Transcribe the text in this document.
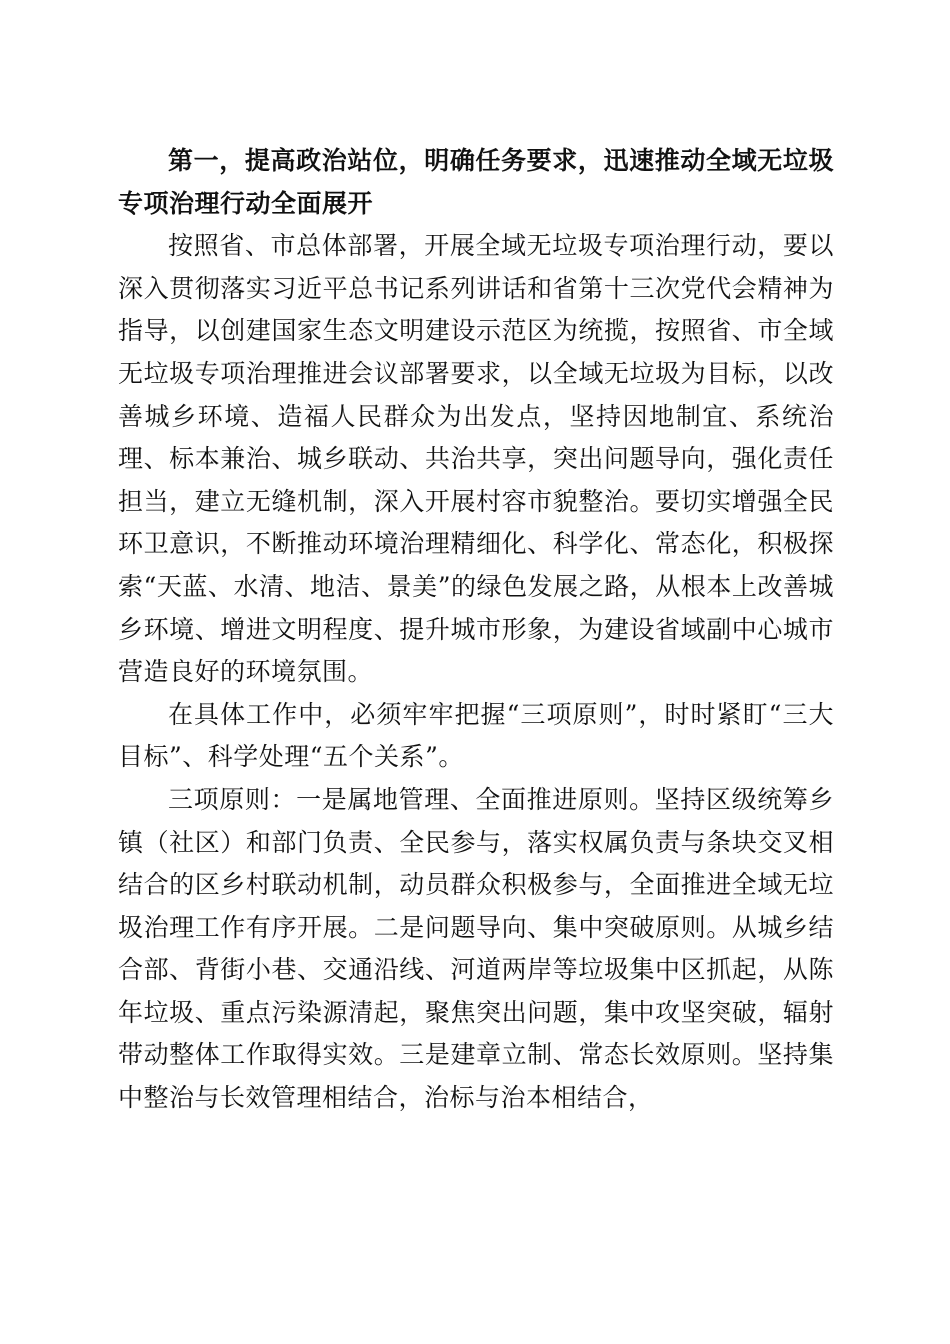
第一，提高政治站位，明确任务要求，迅速推动全域无垃圾专项治理行动全面展开

按照省、市总体部署，开展全域无垃圾专项治理行动，要以深入贯彻落实习近平总书记系列讲话和省第十三次党代会精神为指导，以创建国家生态文明建设示范区为统揽，按照省、市全域无垃圾专项治理推进会议部署要求，以全域无垃圾为目标，以改善城乡环境、造福人民群众为出发点，坚持因地制宜、系统治理、标本兼治、城乡联动、共治共享，突出问题导向，强化责任担当，建立无缝机制，深入开展村容市貌整治。要切实增强全民环卫意识，不断推动环境治理精细化、科学化、常态化，积极探索“天蓝、水清、地洁、景美”的绿色发展之路，从根本上改善城乡环境、增进文明程度、提升城市形象，为建设省域副中心城市营造良好的环境氛围。

在具体工作中，必须牢牢把握“三项原则”，时时紧盯“三大目标”、科学处理“五个关系”。

三项原则：一是属地管理、全面推进原则。坚持区级统筹乡镇（社区）和部门负责、全民参与，落实权属负责与条块交叉相结合的区乡村联动机制，动员群众积极参与，全面推进全域无垃圾治理工作有序开展。二是问题导向、集中突破原则。从城乡结合部、背街小巷、交通沿线、河道两岸等垃圾集中区抓起，从陈年垃圾、重点污染源清起，聚焦突出问题，集中攻坚突破，辐射带动整体工作取得实效。三是建章立制、常态长效原则。坚持集中整治与长效管理相结合，治标与治本相结合，
